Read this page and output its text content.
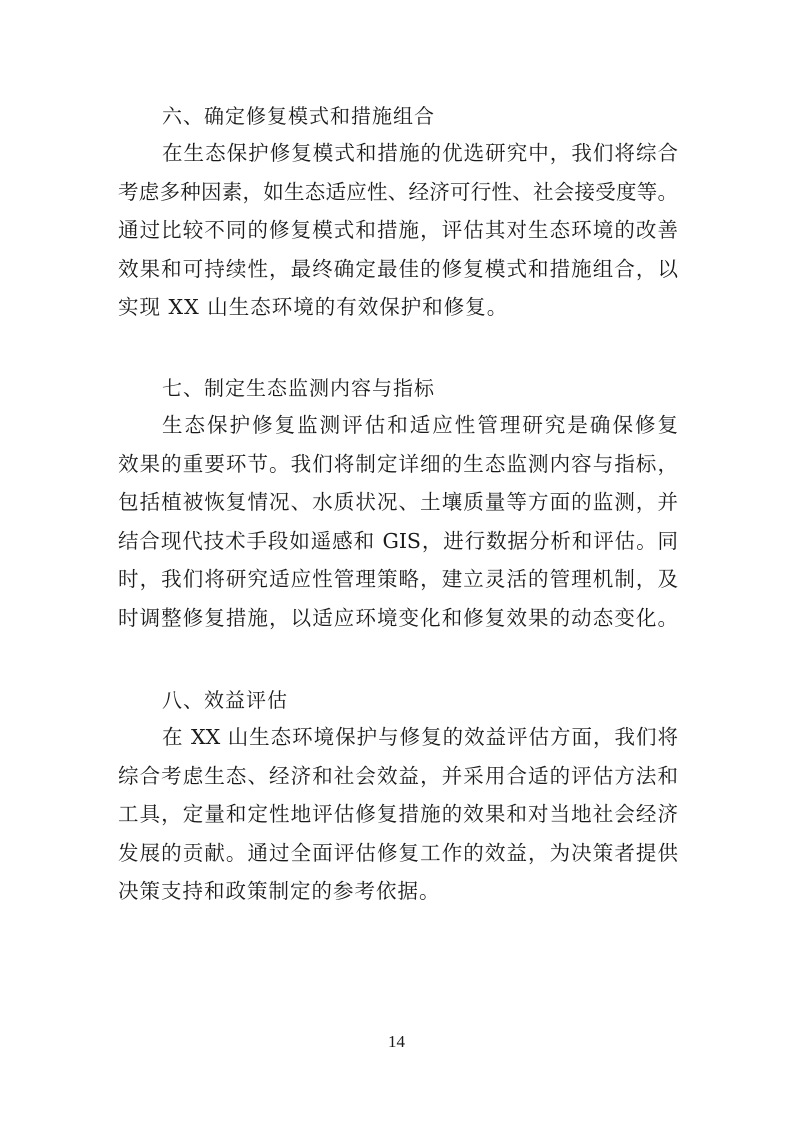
六、确定修复模式和措施组合
在生态保护修复模式和措施的优选研究中，我们将综合
考虑多种因素，如生态适应性、经济可行性、社会接受度等。
通过比较不同的修复模式和措施，评估其对生态环境的改善
效果和可持续性，最终确定最佳的修复模式和措施组合，以
实现 XX 山生态环境的有效保护和修复。
七、制定生态监测内容与指标
生态保护修复监测评估和适应性管理研究是确保修复
效果的重要环节。我们将制定详细的生态监测内容与指标，
包括植被恢复情况、水质状况、土壤质量等方面的监测，并
结合现代技术手段如遥感和 GIS，进行数据分析和评估。同
时，我们将研究适应性管理策略，建立灵活的管理机制，及
时调整修复措施，以适应环境变化和修复效果的动态变化。
八、效益评估
在 XX 山生态环境保护与修复的效益评估方面，我们将
综合考虑生态、经济和社会效益，并采用合适的评估方法和
工具，定量和定性地评估修复措施的效果和对当地社会经济
发展的贡献。通过全面评估修复工作的效益，为决策者提供
决策支持和政策制定的参考依据。
14
